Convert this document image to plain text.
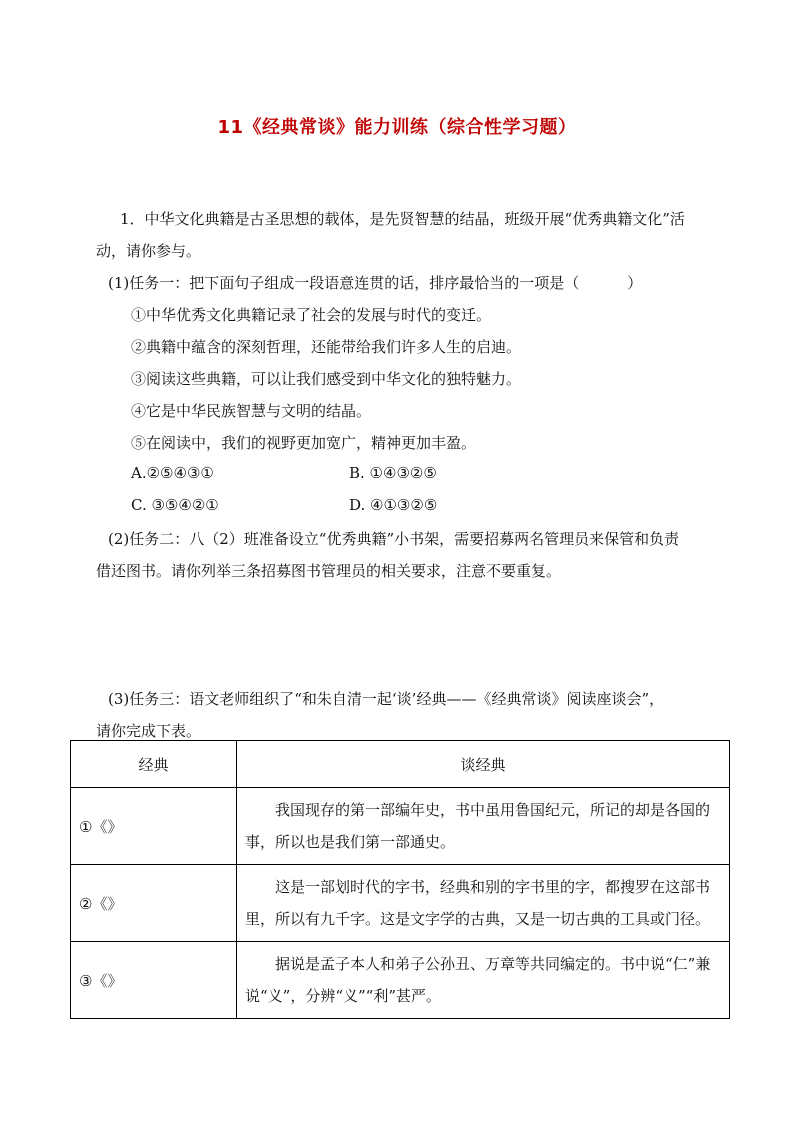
11《经典常谈》能力训练（综合性学习题）
1．中华文化典籍是古圣思想的载体，是先贤智慧的结晶，班级开展“优秀典籍文化”活
动，请你参与。
(1)任务一：把下面句子组成一段语意连贯的话，排序最恰当的一项是（	）
①中华优秀文化典籍记录了社会的发展与时代的变迁。
②典籍中蕴含的深刻哲理，还能带给我们许多人生的启迪。
③阅读这些典籍，可以让我们感受到中华文化的独特魅力。
④它是中华民族智慧与文明的结晶。
⑤在阅读中，我们的视野更加宽广，精神更加丰盈。
A.②⑤④③①	B. ①④③②⑤
C. ③⑤④②①	D. ④①③②⑤
(2)任务二：八（2）班准备设立“优秀典籍”小书架，需要招募两名管理员来保管和负责
借还图书。请你列举三条招募图书管理员的相关要求，注意不要重复。
(3)任务三：语文老师组织了“和朱自清一起‘谈’经典——《经典常谈》阅读座谈会”，
请你完成下表。
经典	谈经典
①《》	我国现存的第一部编年史，书中虽用鲁国纪元，所记的却是各国的事，所以也是我们第一部通史。
②《》	这是一部划时代的字书，经典和别的字书里的字，都搜罗在这部书里，所以有九千字。这是文字学的古典，又是一切古典的工具或门径。
③《》	据说是孟子本人和弟子公孙丑、万章等共同编定的。书中说“仁”兼说“义”，分辨“义”“利”甚严。
